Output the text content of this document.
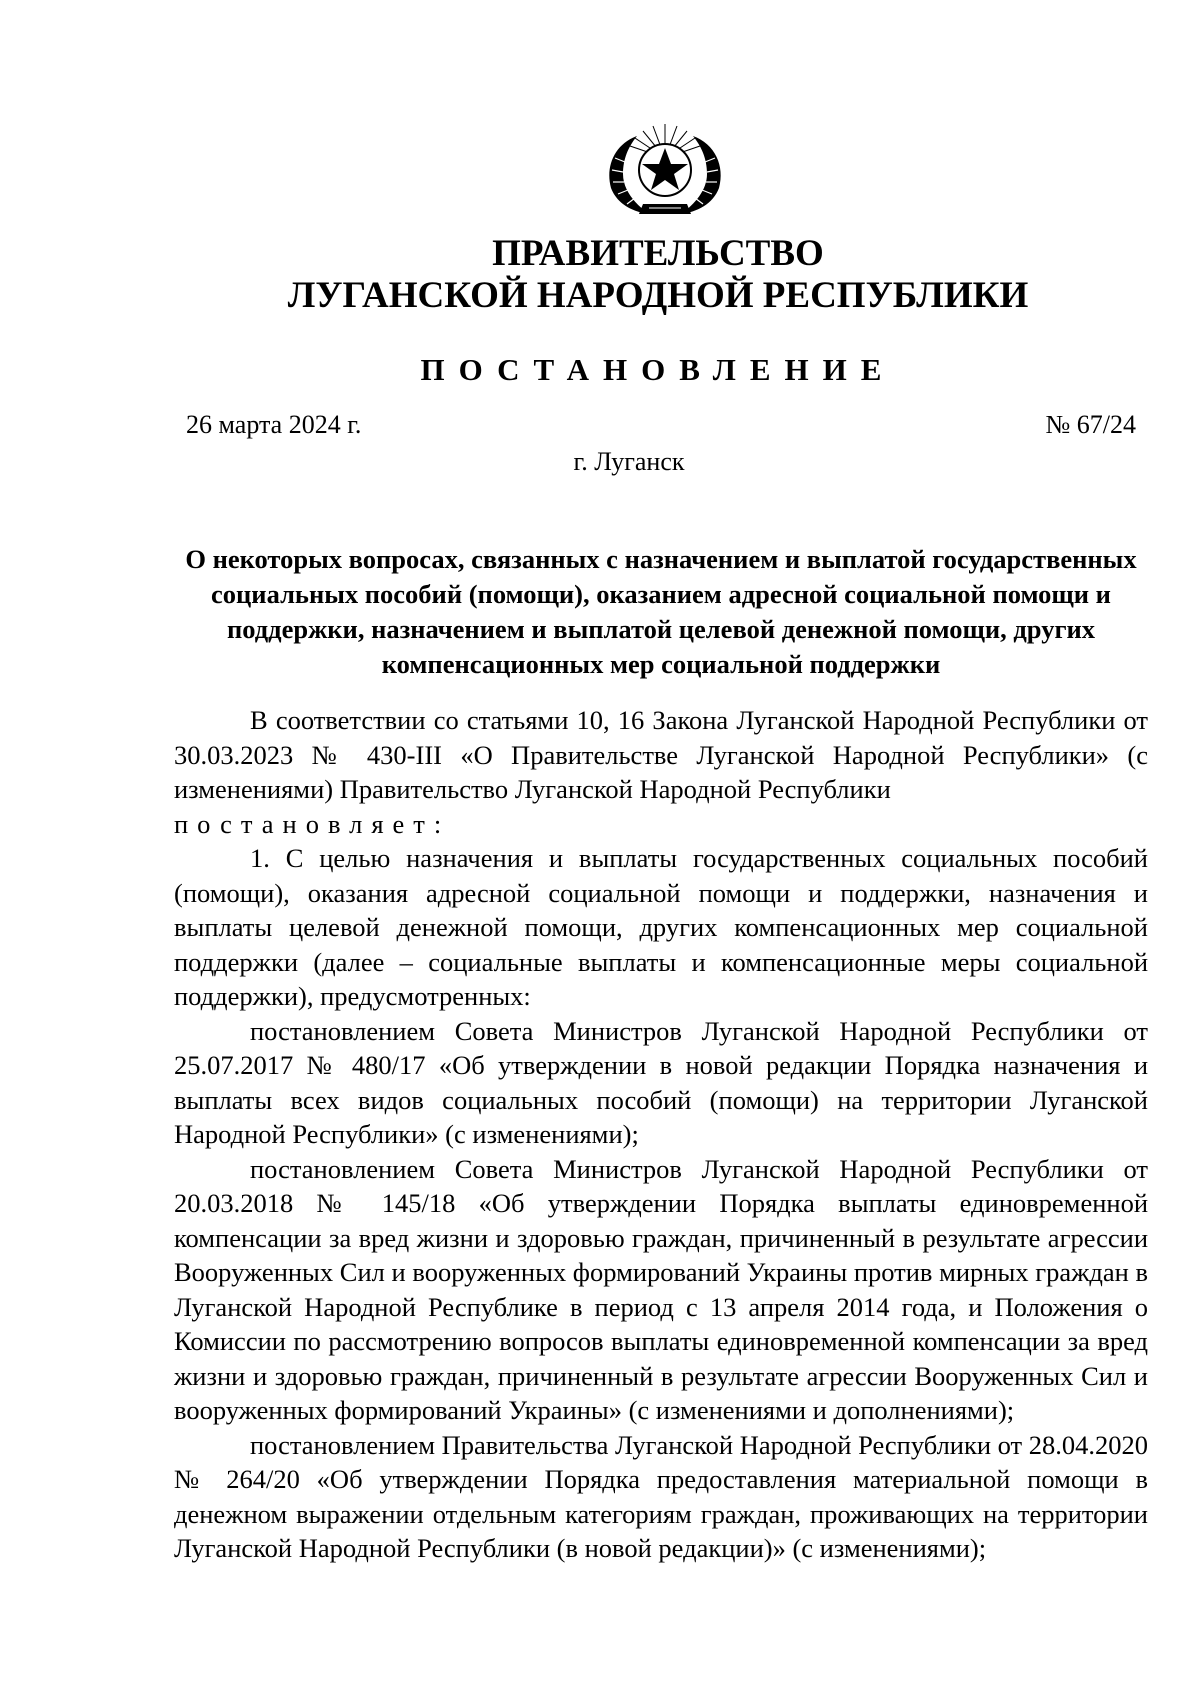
ПРАВИТЕЛЬСТВО
ЛУГАНСКОЙ НАРОДНОЙ РЕСПУБЛИКИ
ПОСТАНОВЛЕНИЕ
26 марта 2024 г.	№ 67/24
г. Луганск
О некоторых вопросах, связанных с назначением и выплатой государственных социальных пособий (помощи), оказанием адресной социальной помощи и поддержки, назначением и выплатой целевой денежной помощи, других компенсационных мер социальной поддержки

В соответствии со статьями 10, 16 Закона Луганской Народной Республики от 30.03.2023 № 430-III «О Правительстве Луганской Народной Республики» (с изменениями) Правительство Луганской Народной Республики

постановляет:

1. С целью назначения и выплаты государственных социальных пособий (помощи), оказания адресной социальной помощи и поддержки, назначения и выплаты целевой денежной помощи, других компенсационных мер социальной поддержки (далее – социальные выплаты и компенсационные меры социальной поддержки), предусмотренных:

постановлением Совета Министров Луганской Народной Республики от 25.07.2017 № 480/17 «Об утверждении в новой редакции Порядка назначения и выплаты всех видов социальных пособий (помощи) на территории Луганской Народной Республики» (с изменениями);

постановлением Совета Министров Луганской Народной Республики от 20.03.2018 № 145/18 «Об утверждении Порядка выплаты единовременной компенсации за вред жизни и здоровью граждан, причиненный в результате агрессии Вооруженных Сил и вооруженных формирований Украины против мирных граждан в Луганской Народной Республике в период с 13 апреля 2014 года, и Положения о Комиссии по рассмотрению вопросов выплаты единовременной компенсации за вред жизни и здоровью граждан, причиненный в результате агрессии Вооруженных Сил и вооруженных формирований Украины» (с изменениями и дополнениями);

постановлением Правительства Луганской Народной Республики от 28.04.2020 № 264/20 «Об утверждении Порядка предоставления материальной помощи в денежном выражении отдельным категориям граждан, проживающих на территории Луганской Народной Республики (в новой редакции)» (с изменениями);
